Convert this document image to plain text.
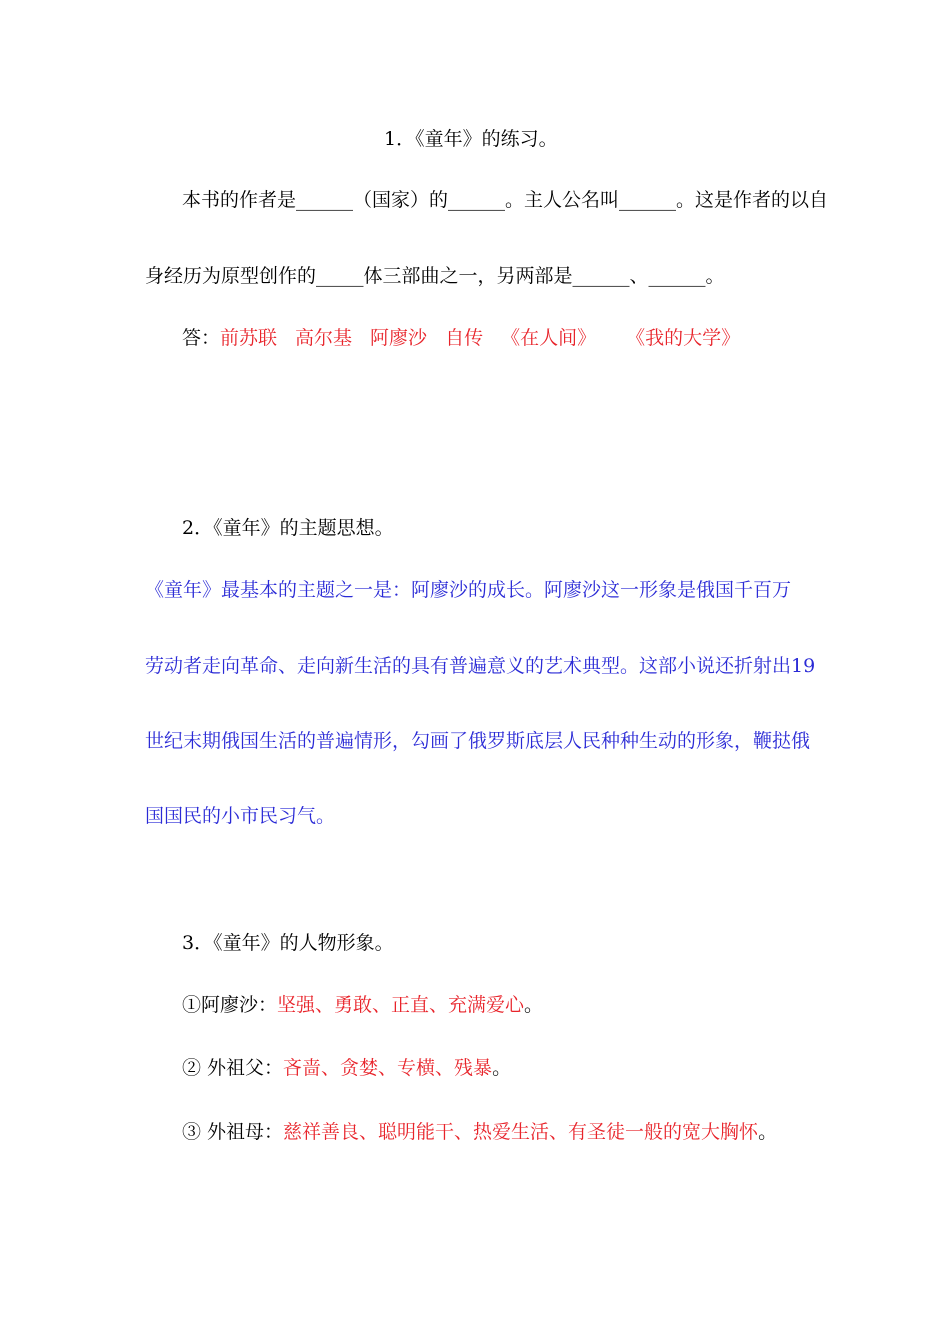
1．《童年》的练习。
本书的作者是______（国家）的______。主人公名叫______。这是作者的以自
身经历为原型创作的_____体三部曲之一，另两部是______、______。
答：前苏联 高尔基 阿廖沙 自传 《在人间》 《我的大学》
2．《童年》的主题思想。
《童年》最基本的主题之一是：阿廖沙的成长。阿廖沙这一形象是俄国千百万
劳动者走向革命、走向新生活的具有普遍意义的艺术典型。这部小说还折射出19
世纪末期俄国生活的普遍情形，勾画了俄罗斯底层人民种种生动的形象，鞭挞俄
国国民的小市民习气。
3．《童年》的人物形象。
①阿廖沙：坚强、勇敢、正直、充满爱心。
② 外祖父：吝啬、贪婪、专横、残暴。
③ 外祖母：慈祥善良、聪明能干、热爱生活、有圣徒一般的宽大胸怀。
